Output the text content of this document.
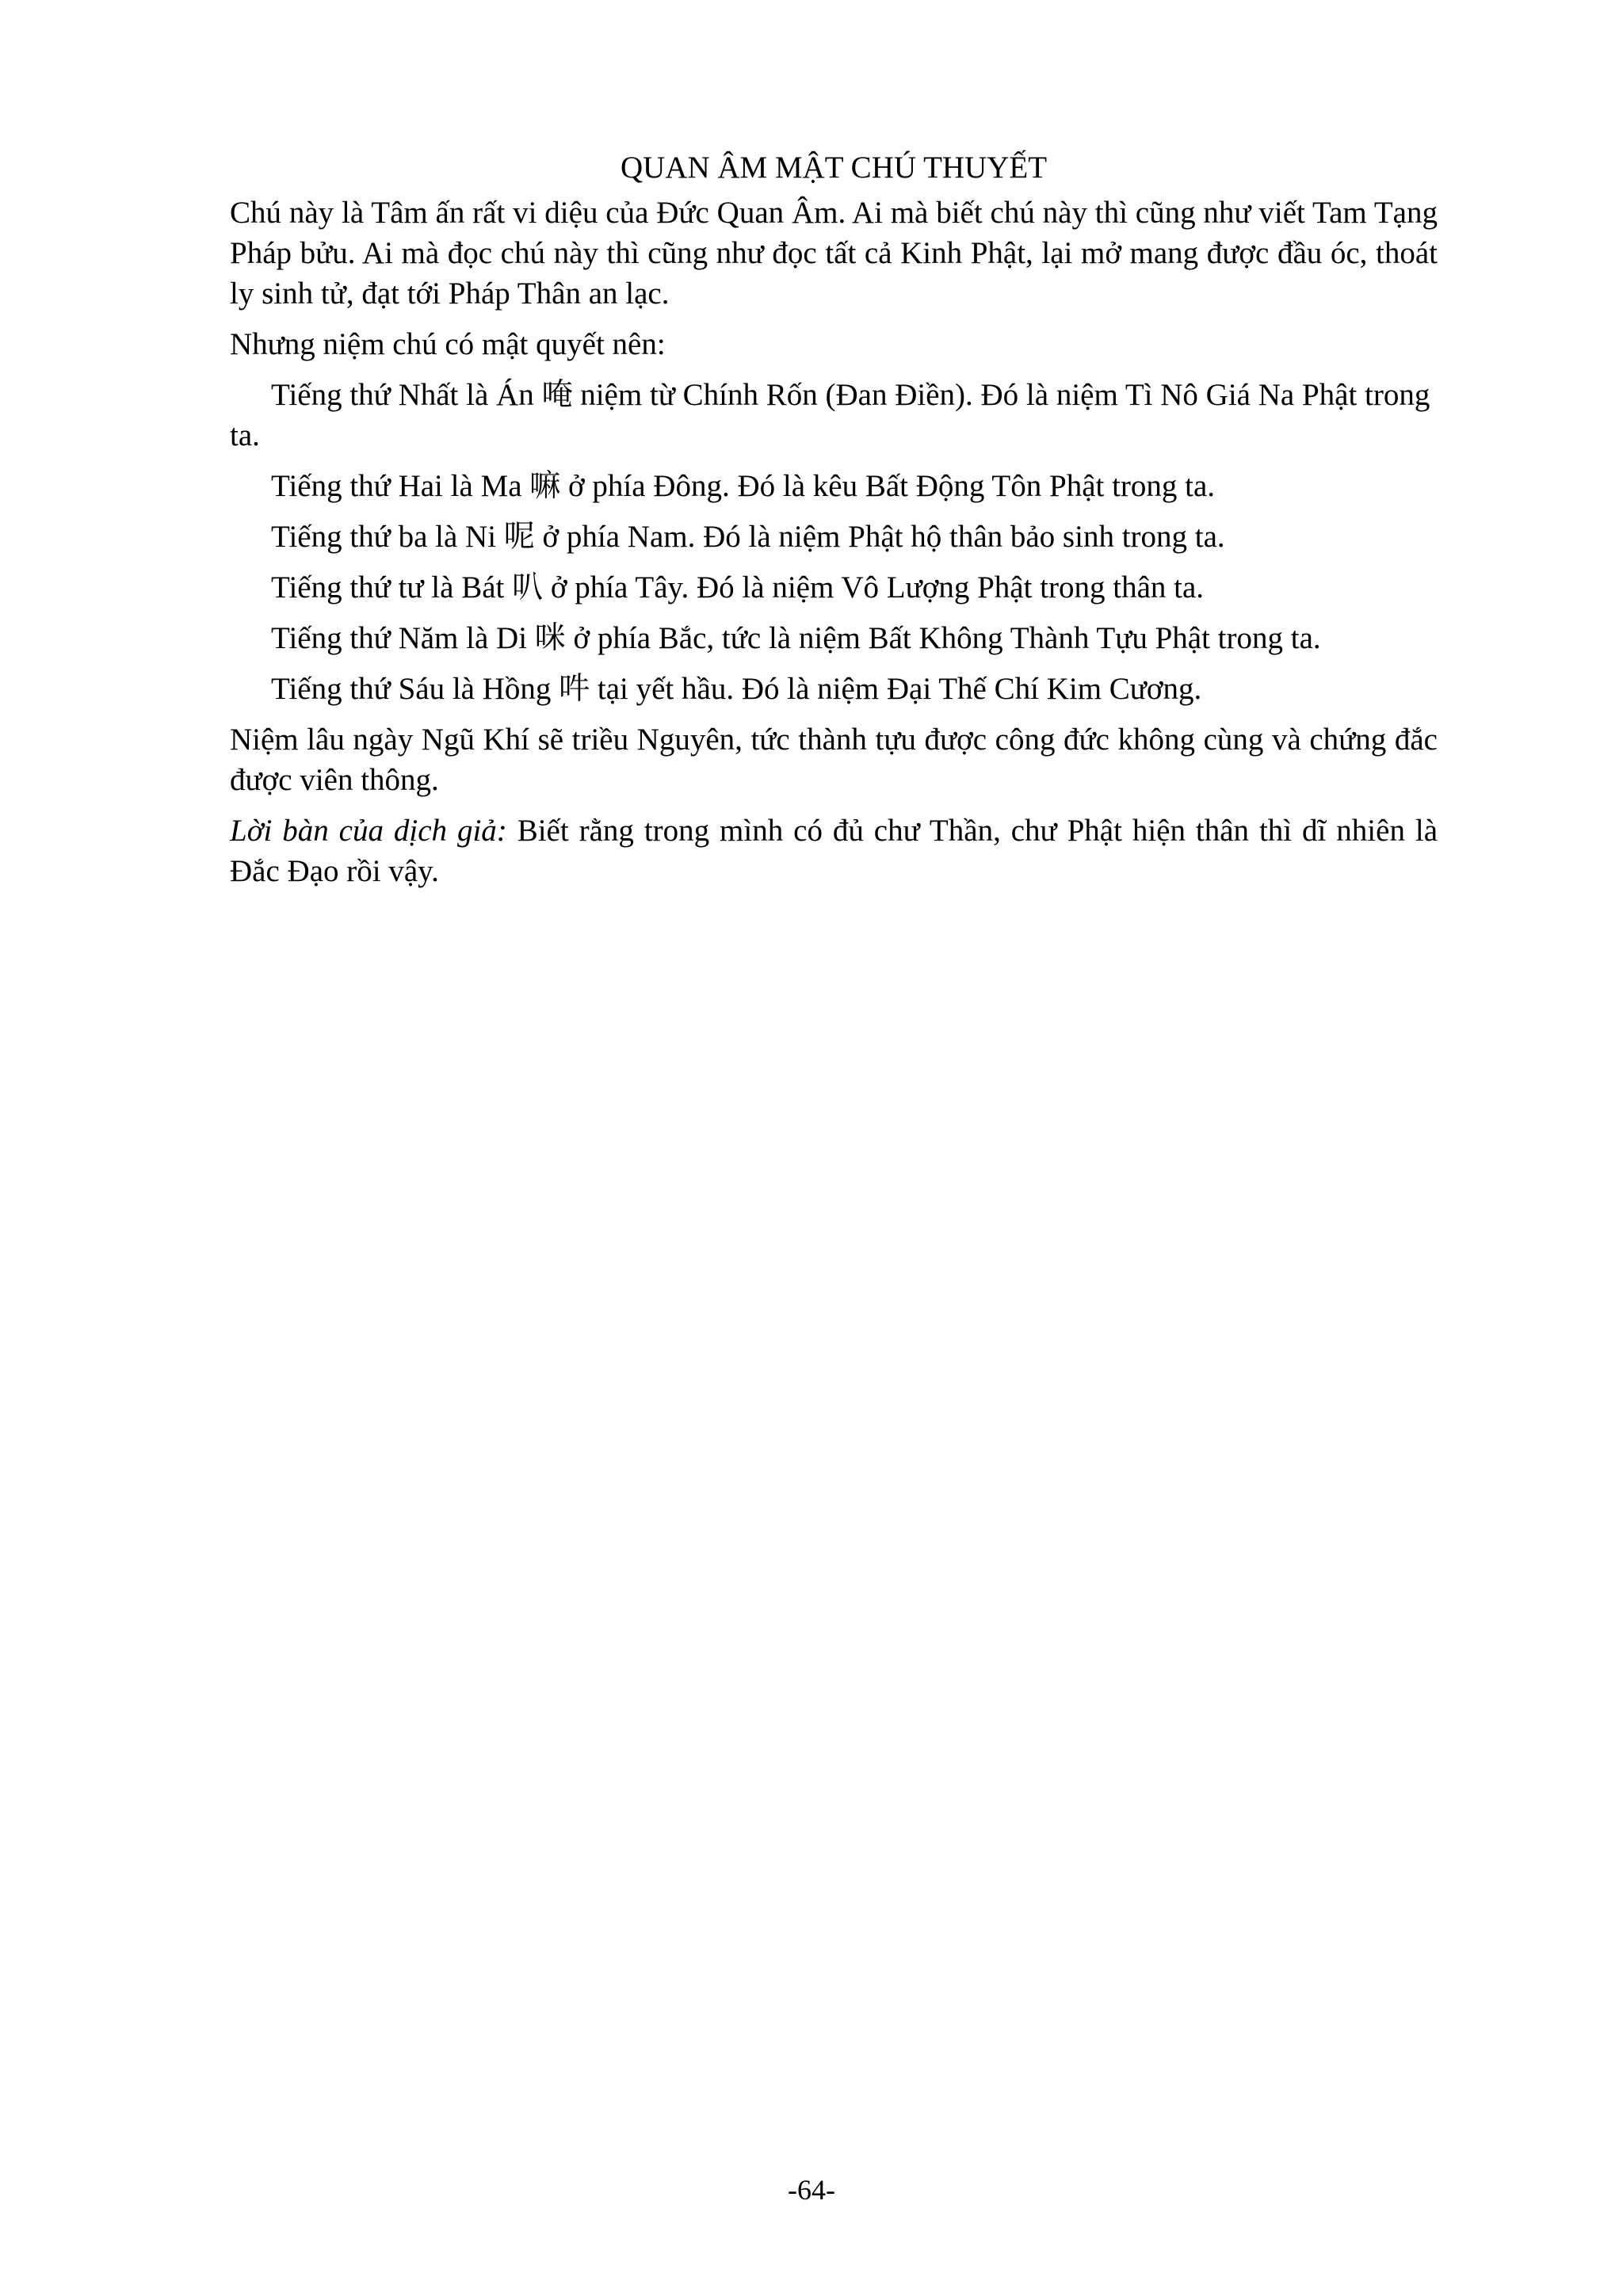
QUAN ÂM MẬT CHÚ THUYẾT

Chú này là Tâm ấn rất vi diệu của Đức Quan Âm. Ai mà biết chú này thì cũng như viết Tam Tạng Pháp bửu. Ai mà đọc chú này thì cũng như đọc tất cả Kinh Phật, lại mở mang được đầu óc, thoát ly sinh tử, đạt tới Pháp Thân an lạc.

Nhưng niệm chú có mật quyết nên:

Tiếng thứ Nhất là Án 唵 niệm từ Chính Rốn (Đan Điền). Đó là niệm Tì Nô Giá Na Phật trong ta.

Tiếng thứ Hai là Ma 嘛 ở phía Đông. Đó là kêu Bất Động Tôn Phật trong ta.

Tiếng thứ ba là Ni 呢 ở phía Nam. Đó là niệm Phật hộ thân bảo sinh trong ta.

Tiếng thứ tư là Bát 叭 ở phía Tây. Đó là niệm Vô Lượng Phật trong thân ta.

Tiếng thứ Năm là Di 咪 ở phía Bắc, tức là niệm Bất Không Thành Tựu Phật trong ta.

Tiếng thứ Sáu là Hồng 吽 tại yết hầu. Đó là niệm Đại Thế Chí Kim Cương.

Niệm lâu ngày Ngũ Khí sẽ triều Nguyên, tức thành tựu được công đức không cùng và chứng đắc được viên thông.

Lời bàn của dịch giả: Biết rằng trong mình có đủ chư Thần, chư Phật hiện thân thì dĩ nhiên là Đắc Đạo rồi vậy.

-64-
